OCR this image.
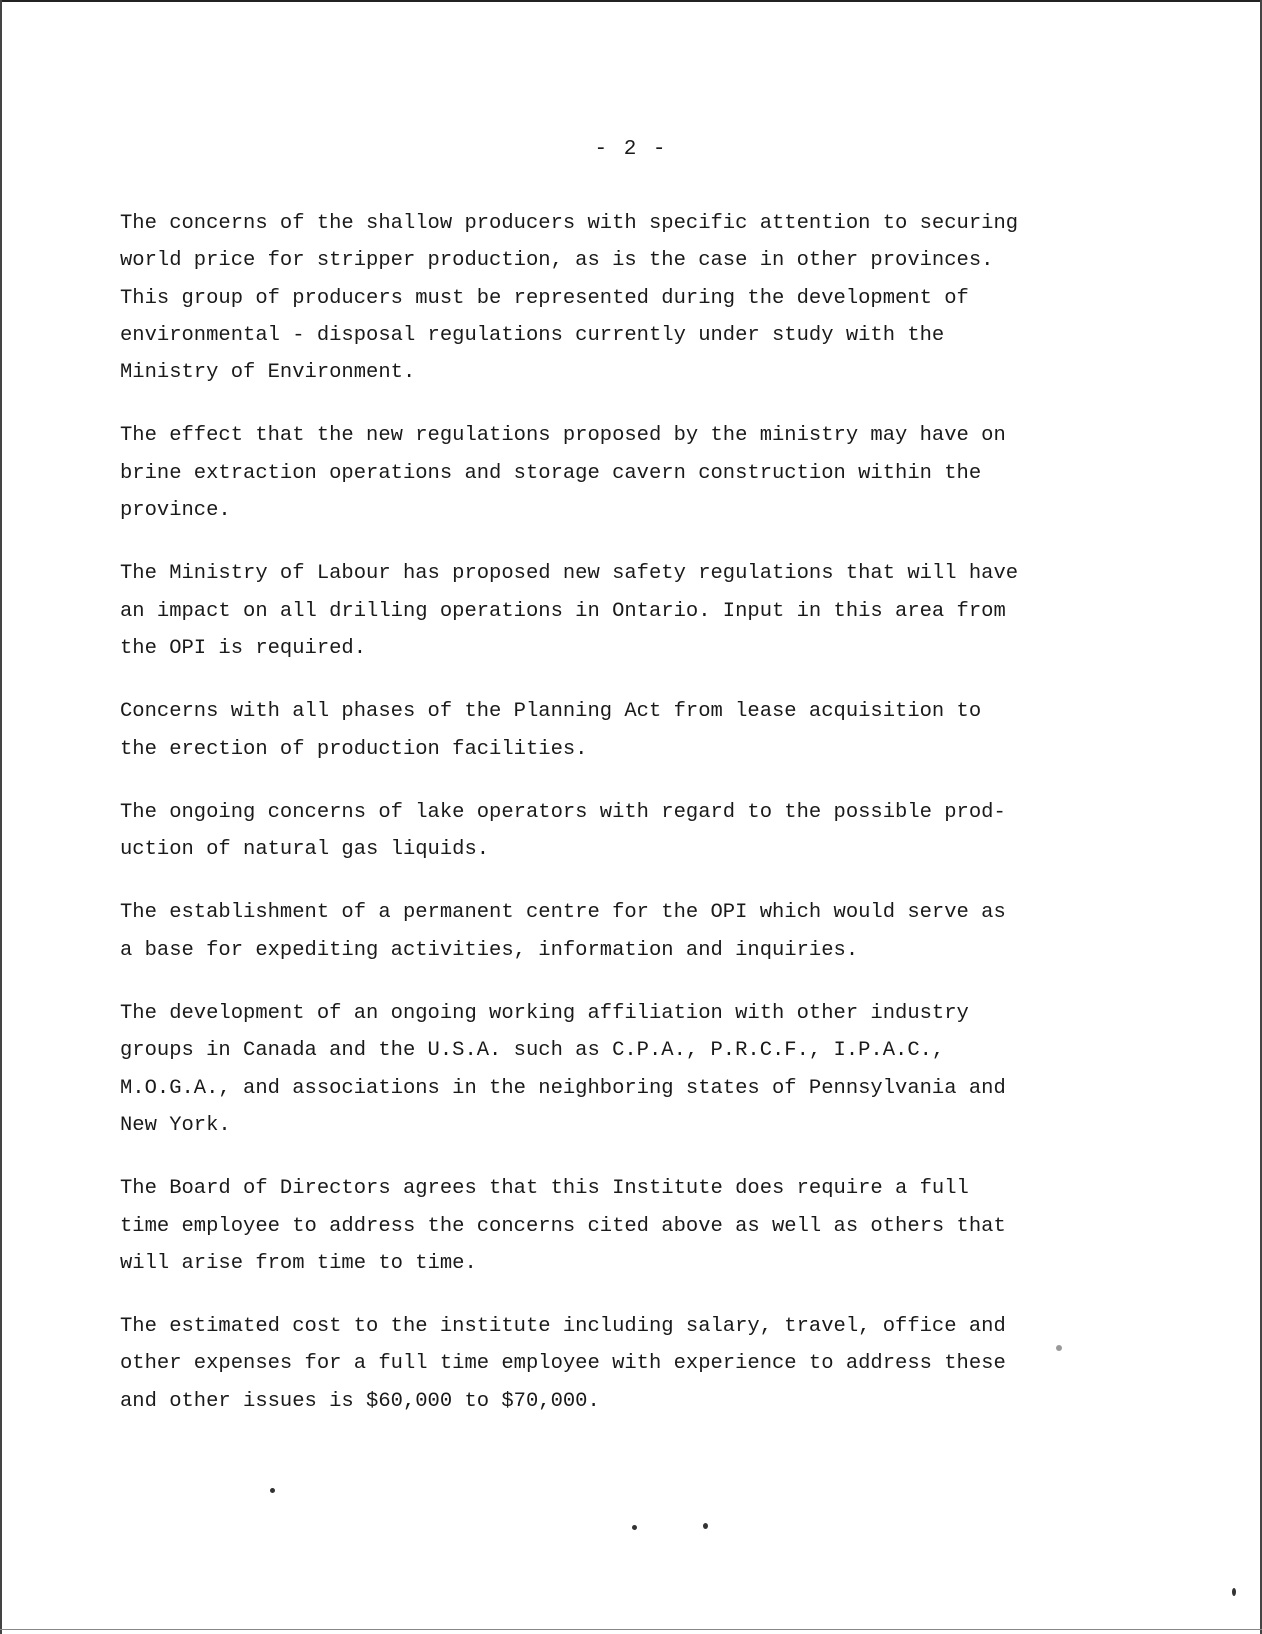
- 2 -

The concerns of the shallow producers with specific attention to securing
world price for stripper production, as is the case in other provinces.
This group of producers must be represented during the development of
environmental - disposal regulations currently under study with the
Ministry of Environment.

The effect that the new regulations proposed by the ministry may have on
brine extraction operations and storage cavern construction within the
province.

The Ministry of Labour has proposed new safety regulations that will have
an impact on all drilling operations in Ontario. Input in this area from
the OPI is required.

Concerns with all phases of the Planning Act from lease acquisition to
the erection of production facilities.

The ongoing concerns of lake operators with regard to the possible prod-
uction of natural gas liquids.

The establishment of a permanent centre for the OPI which would serve as
a base for expediting activities, information and inquiries.

The development of an ongoing working affiliation with other industry
groups in Canada and the U.S.A. such as C.P.A., P.R.C.F., I.P.A.C.,
M.O.G.A., and associations in the neighboring states of Pennsylvania and
New York.

The Board of Directors agrees that this Institute does require a full
time employee to address the concerns cited above as well as others that
will arise from time to time.

The estimated cost to the institute including salary, travel, office and
other expenses for a full time employee with experience to address these
and other issues is $60,000 to $70,000.
